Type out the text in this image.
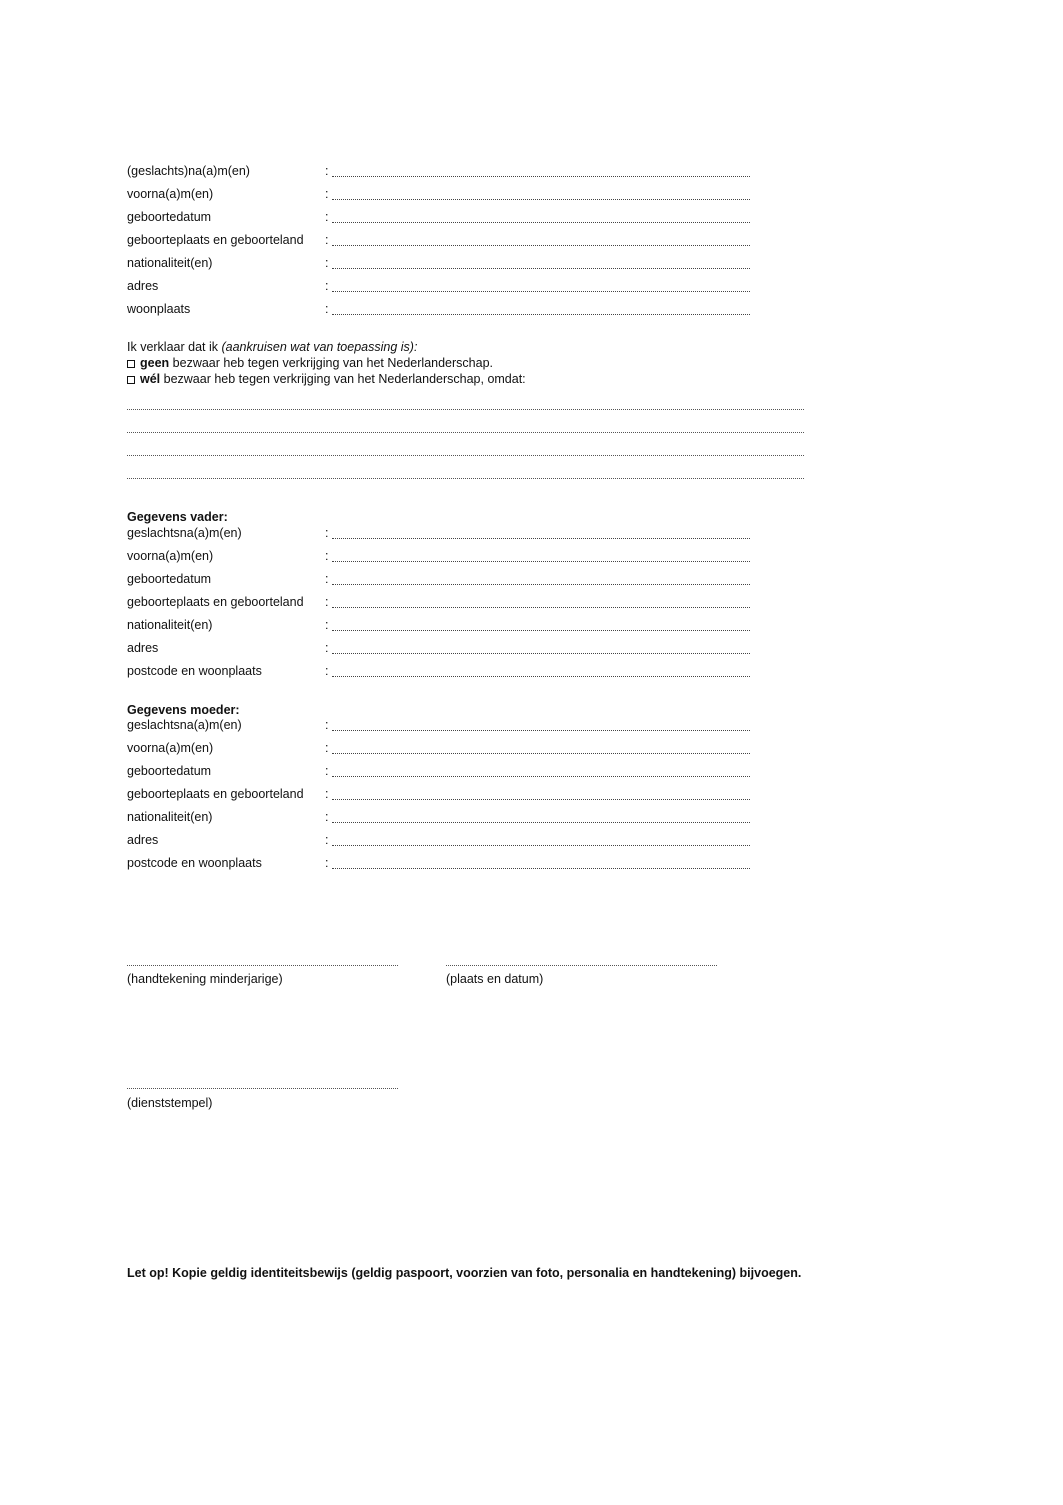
(geslachts)na(a)m(en)	:
voorna(a)m(en)	:
geboortedatum	:
geboorteplaats en geboorteland :
nationaliteit(en)	:
adres	:
woonplaats	:
Ik verklaar dat ik (aankruisen wat van toepassing is):
geen bezwaar heb tegen verkrijging van het Nederlanderschap.
wél bezwaar heb tegen verkrijging van het Nederlanderschap, omdat:
Gegevens vader:
geslachtsna(a)m(en)	:
voorna(a)m(en)	:
geboortedatum	:
geboorteplaats en geboorteland :
nationaliteit(en)	:
adres	:
postcode en woonplaats	:
Gegevens moeder:
geslachtsna(a)m(en)	:
voorna(a)m(en)	:
geboortedatum	:
geboorteplaats en geboorteland :
nationaliteit(en)	:
adres	:
postcode en woonplaats	:
(handtekening minderjarige)	(plaats en datum)
(dienststempel)
Let op! Kopie geldig identiteitsbewijs (geldig paspoort, voorzien van foto, personalia en handtekening) bijvoegen.
